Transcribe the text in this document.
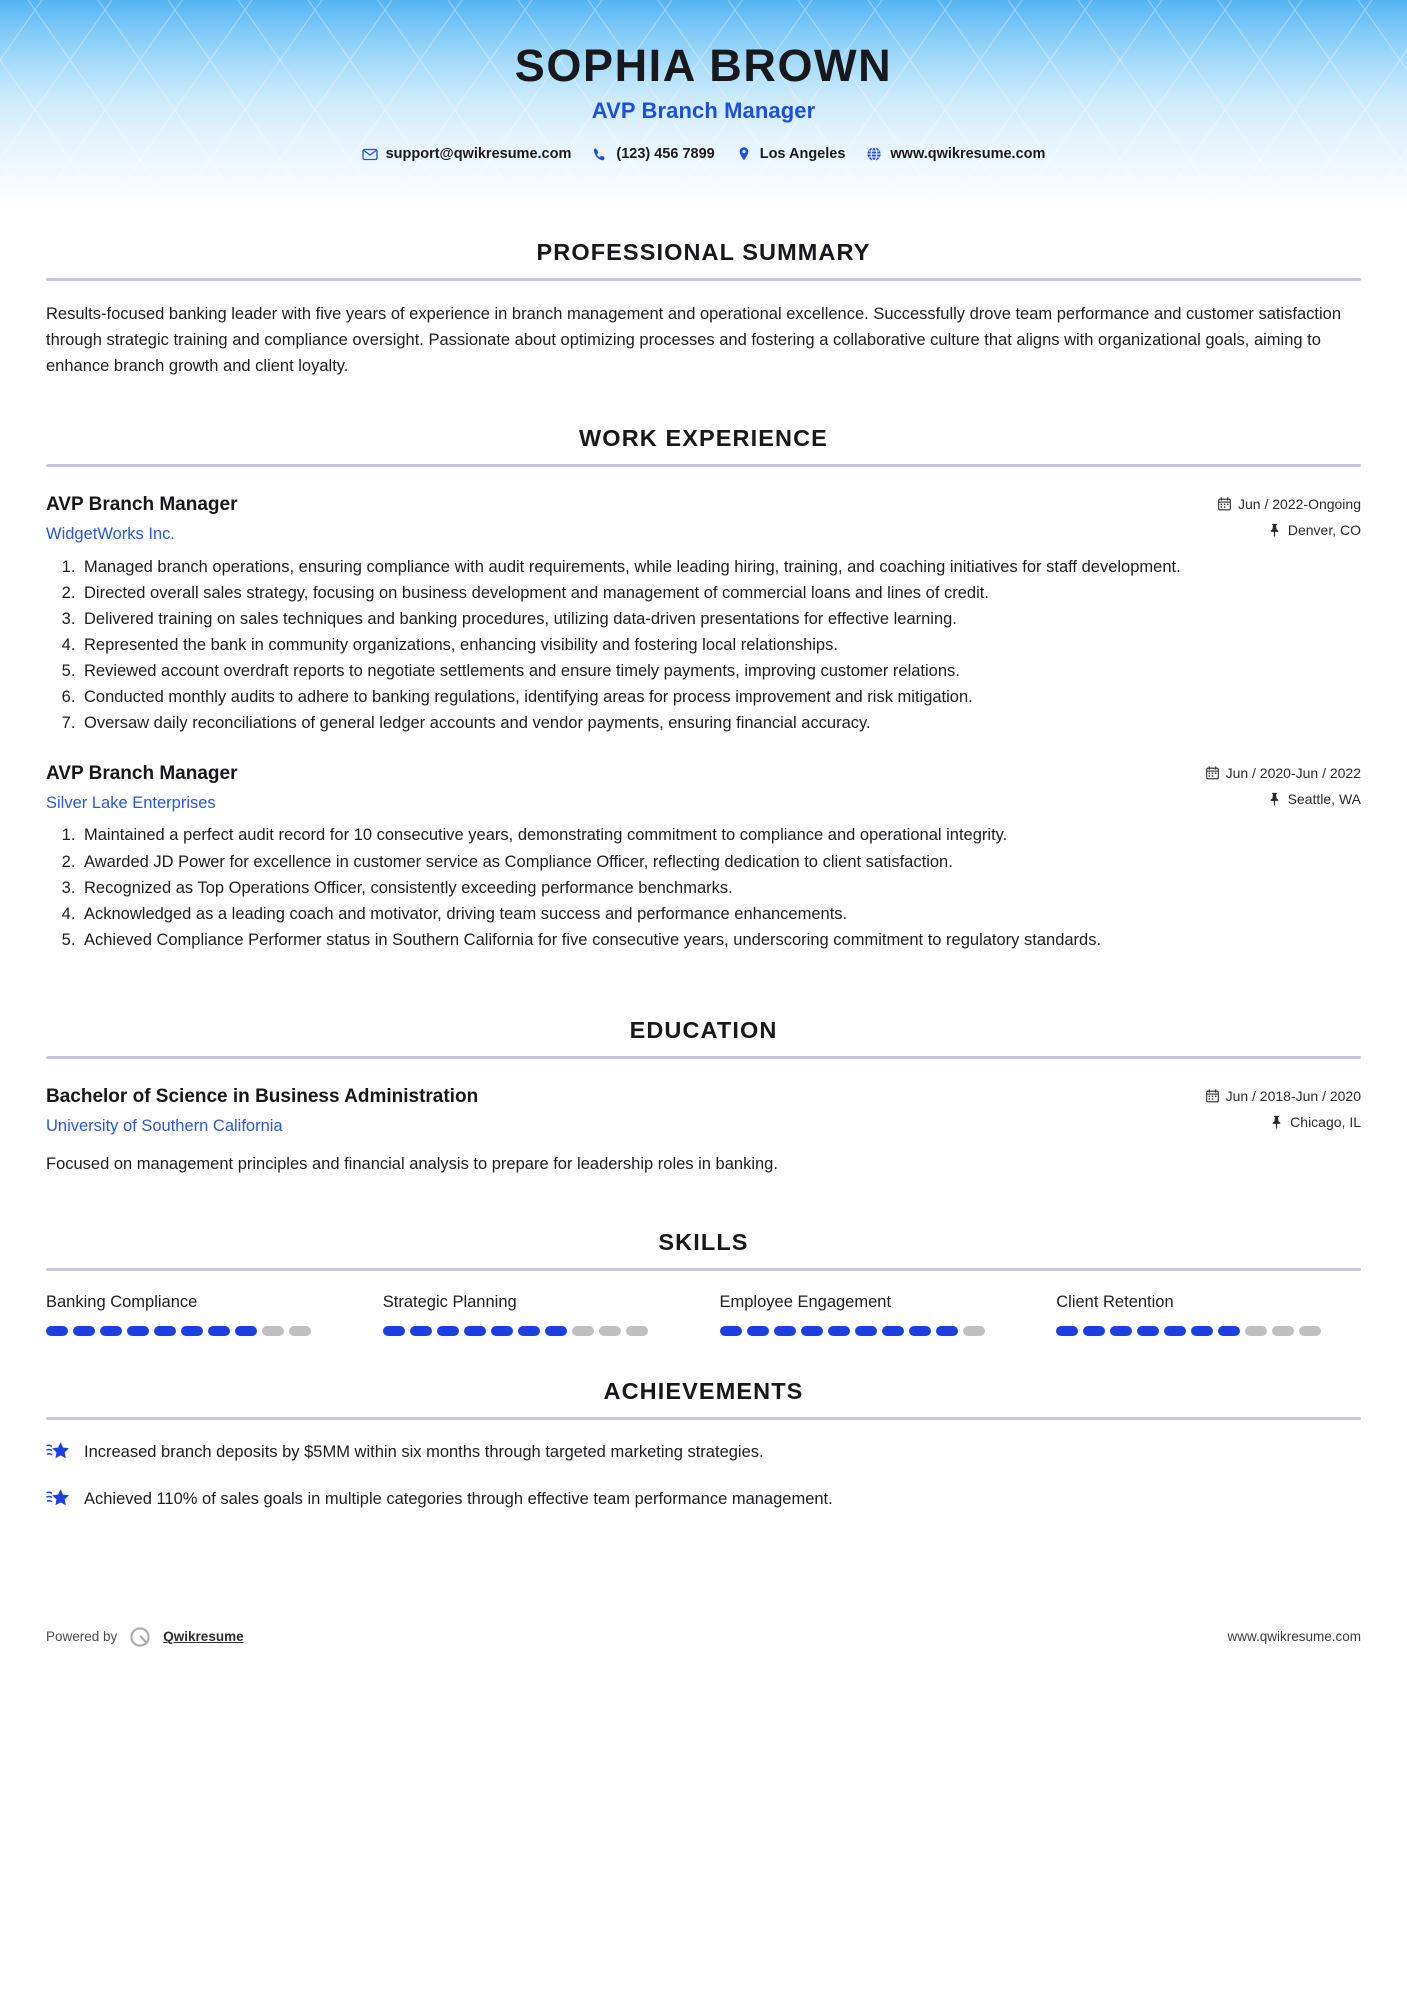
SOPHIA BROWN
AVP Branch Manager
support@qwikresume.com	(123) 456 7899	Los Angeles	www.qwikresume.com
PROFESSIONAL SUMMARY

Results-focused banking leader with five years of experience in branch management and operational excellence. Successfully drove team performance and customer satisfaction through strategic training and compliance oversight. Passionate about optimizing processes and fostering a collaborative culture that aligns with organizational goals, aiming to enhance branch growth and client loyalty.

WORK EXPERIENCE
AVP Branch Manager
WidgetWorks Inc.
Jun / 2022-Ongoing
Denver, CO
1. Managed branch operations, ensuring compliance with audit requirements, while leading hiring, training, and coaching initiatives for staff development.
2. Directed overall sales strategy, focusing on business development and management of commercial loans and lines of credit.
3. Delivered training on sales techniques and banking procedures, utilizing data-driven presentations for effective learning.
4. Represented the bank in community organizations, enhancing visibility and fostering local relationships.
5. Reviewed account overdraft reports to negotiate settlements and ensure timely payments, improving customer relations.
6. Conducted monthly audits to adhere to banking regulations, identifying areas for process improvement and risk mitigation.
7. Oversaw daily reconciliations of general ledger accounts and vendor payments, ensuring financial accuracy.
AVP Branch Manager
Silver Lake Enterprises
Jun / 2020-Jun / 2022
Seattle, WA
1. Maintained a perfect audit record for 10 consecutive years, demonstrating commitment to compliance and operational integrity.
2. Awarded JD Power for excellence in customer service as Compliance Officer, reflecting dedication to client satisfaction.
3. Recognized as Top Operations Officer, consistently exceeding performance benchmarks.
4. Acknowledged as a leading coach and motivator, driving team success and performance enhancements.
5. Achieved Compliance Performer status in Southern California for five consecutive years, underscoring commitment to regulatory standards.
EDUCATION
Bachelor of Science in Business Administration
University of Southern California
Jun / 2018-Jun / 2020
Chicago, IL
Focused on management principles and financial analysis to prepare for leadership roles in banking.
SKILLS
Banking Compliance	Strategic Planning	Employee Engagement	Client Retention
ACHIEVEMENTS
Increased branch deposits by $5MM within six months through targeted marketing strategies.
Achieved 110% of sales goals in multiple categories through effective team performance management.
Powered by	Qwikresume	www.qwikresume.com
